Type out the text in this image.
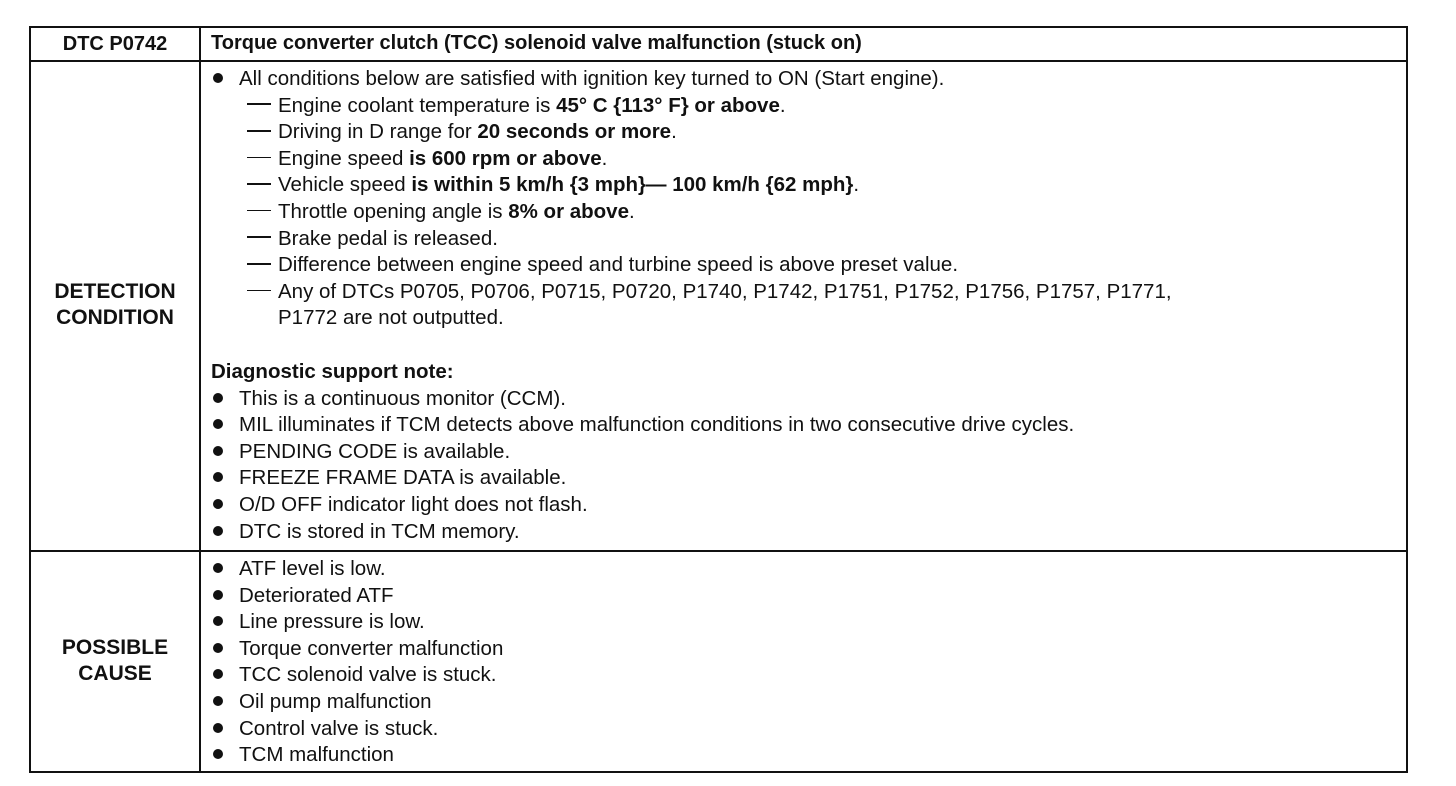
DTC P0742	Torque converter clutch (TCC) solenoid valve malfunction (stuck on)
DETECTION
CONDITION
All conditions below are satisfied with ignition key turned to ON (Start engine).
Engine coolant temperature is 45° C {113° F} or above.
Driving in D range for 20 seconds or more.
Engine speed is 600 rpm or above.
Vehicle speed is within 5 km/h {3 mph}— 100 km/h {62 mph}.
Throttle opening angle is 8% or above.
Brake pedal is released.
Difference between engine speed and turbine speed is above preset value.
Any of DTCs P0705, P0706, P0715, P0720, P1740, P1742, P1751, P1752, P1756, P1757, P1771,
P1772 are not outputted.
Diagnostic support note:
This is a continuous monitor (CCM).
MIL illuminates if TCM detects above malfunction conditions in two consecutive drive cycles.
PENDING CODE is available.
FREEZE FRAME DATA is available.
O/D OFF indicator light does not flash.
DTC is stored in TCM memory.
POSSIBLE
CAUSE
ATF level is low.
Deteriorated ATF
Line pressure is low.
Torque converter malfunction
TCC solenoid valve is stuck.
Oil pump malfunction
Control valve is stuck.
TCM malfunction
